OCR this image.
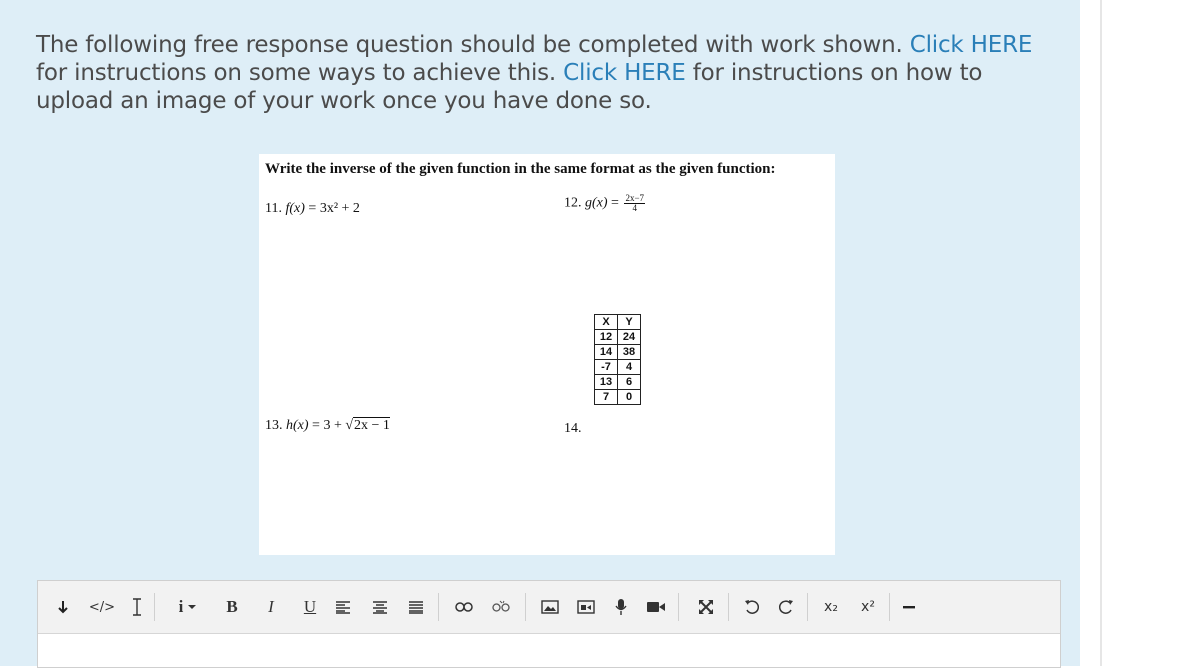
The following free response question should be completed with work shown. Click HERE for instructions on some ways to achieve this. Click HERE for instructions on how to upload an image of your work once you have done so.
Write the inverse of the given function in the same format as the given function:
11. f(x) = 3x² + 2	12. $g(x) = \frac{2x-7}{4}$
X	Y
12	24
14	38
-7	4
13	6
7	0
13. h(x) = 3 + √2x − 1	14.
</>	i	B	I	U	x₂	x²
